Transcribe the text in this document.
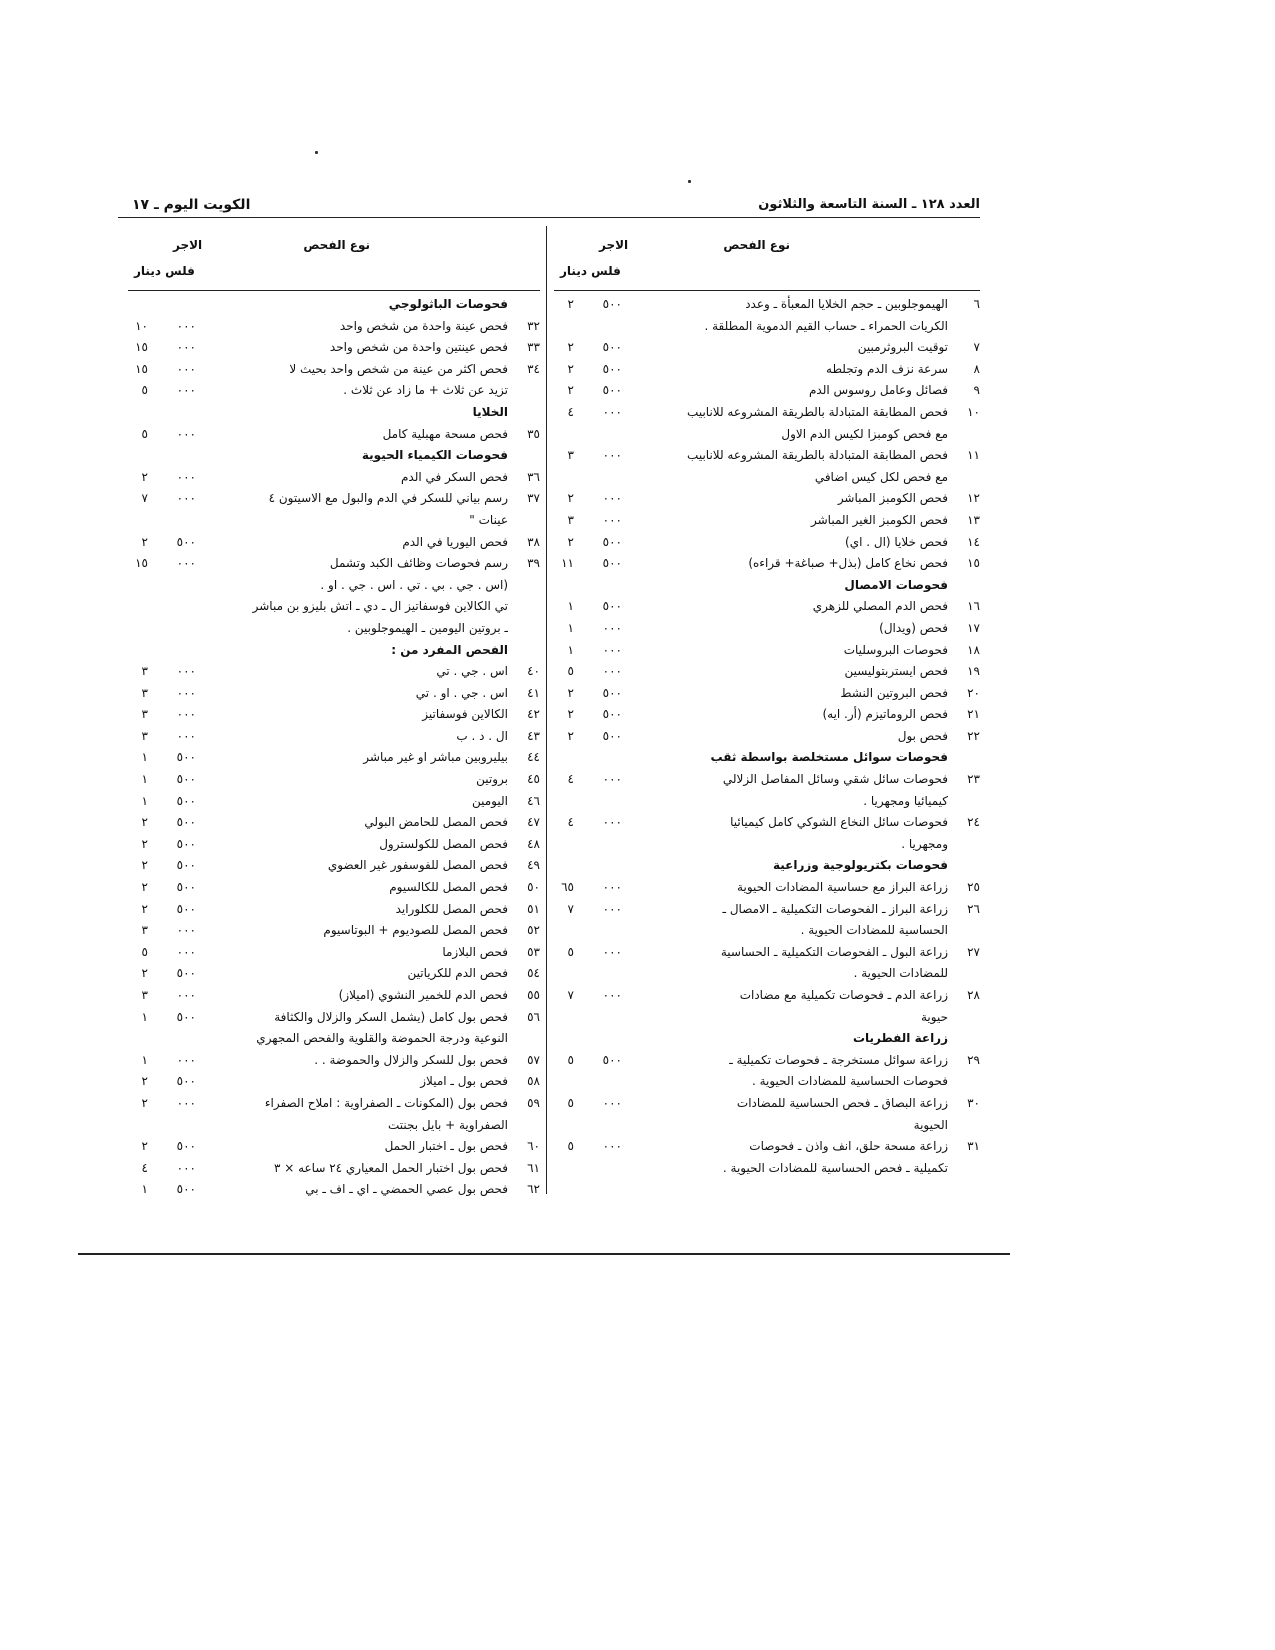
الكويت اليوم ـ ١٧	العدد ١٢٨ ـ السنة التاسعة والثلاثون
نوع الفحص
الاجر
فلس دينار
٦
الهيموجلوبين ـ حجم الخلايا المعبأة ـ وعدد
٥٠٠
٢
الكريات الحمراء ـ حساب القيم الدموية المطلقة .
٧
توقيت البروثرمبين
٥٠٠
٢
٨
سرعة نزف الدم وتجلطه
٥٠٠
٢
٩
فصائل وعامل روسوس الدم
٥٠٠
٢
١٠
فحص المطابقة المتبادلة بالطريقة المشروعه للانابيب
٠٠٠
٤
مع فحص كومبزا لكيس الدم الاول
١١
فحص المطابقة المتبادلة بالطريقة المشروعه للانابيب
٠٠٠
٣
مع فحص لكل كيس اضافي
١٢
فحص الكومبز المباشر
٠٠٠
٢
١٣
فحص الكومبز الغير المباشر
٠٠٠
٣
١٤
فحص خلايا (ال . اي)
٥٠٠
٢
١٥
فحص نخاع كامل (بذل+ صباغة+ قراءه)
٥٠٠
١١
فحوصات الامصال
١٦
فحص الدم المصلي للزهري
٥٠٠
١
١٧
فحص (ويدال)
٠٠٠
١
١٨
فحوصات البروسليات
٠٠٠
١
١٩
فحص ايستربتوليسين
٠٠٠
٥
٢٠
فحص البروتين النشط
٥٠٠
٢
٢١
فحص الروماتيزم (أر. ايه)
٥٠٠
٢
٢٢
فحص بول
٥٠٠
٢
فحوصات سوائل مستخلصة بواسطة ثقب
٢٣
فحوصات سائل شقي وسائل المفاصل الزلالي
٠٠٠
٤
كيميائيا ومجهريا .
٢٤
فحوصات سائل النخاع الشوكي كامل كيميائيا
٠٠٠
٤
ومجهريا .
فحوصات بكتريولوجية وزراعية
٢٥
زراعة البراز مع حساسية المضادات الحيوية
٠٠٠
٦٥
٢٦
زراعة البراز ـ الفحوصات التكميلية ـ الامصال ـ
٠٠٠
٧
الحساسية للمضادات الحيوية .
٢٧
زراعة البول ـ الفحوصات التكميلية ـ الحساسية
٠٠٠
٥
للمضادات الحيوية .
٢٨
زراعة الدم ـ فحوصات تكميلية مع مضادات
٠٠٠
٧
حيوية
زراعة الفطريات
٢٩
زراعة سوائل مستخرجة ـ فحوصات تكميلية ـ
٥٠٠
٥
فحوصات الحساسية للمضادات الحيوية .
٣٠
زراعة البصاق ـ فحص الحساسية للمضادات
٠٠٠
٥
الحيوية
٣١
زراعة مسحة حلق، انف واذن ـ فحوصات
٠٠٠
٥
تكميلية ـ فحص الحساسية للمضادات الحيوية .
نوع الفحص
الاجر
فلس دينار
فحوصات الباثولوجي
٣٢
فحص عينة واحدة من شخص واحد
٠٠٠
١٠
٣٣
فحص عينتين واحدة من شخص واحد
٠٠٠
١٥
٣٤
فحص اكثر من عينة من شخص واحد بحيث لا
٠٠٠
١٥
تزيد عن ثلاث + ما زاد عن ثلاث .
٠٠٠
٥
الخلايا
٣٥
فحص مسحة مهبلية كامل
٠٠٠
٥
فحوصات الكيمياء الحيوية
٣٦
فحص السكر في الدم
٠٠٠
٢
٣٧
رسم بياني للسكر في الدم والبول مع الاسيتون ٤
٠٠٠
٧
عينات "
٣٨
فحص اليوريا في الدم
٥٠٠
٢
٣٩
رسم فحوصات وظائف الكبد وتشمل
٠٠٠
١٥
(اس . جي . بي . تي . اس . جي . او .
تي الكالاين فوسفاتيز ال ـ دي ـ اتش بليزو بن مباشر
ـ بروتين اليومين ـ الهيموجلوبين .
الفحص المفرد من :
٤٠
اس . جي . تي
٠٠٠
٣
٤١
اس . جي . او . تي
٠٠٠
٣
٤٢
الكالاين فوسفاتيز
٠٠٠
٣
٤٣
ال . د . ب
٠٠٠
٣
٤٤
بيليروبين مباشر او غير مباشر
٥٠٠
١
٤٥
بروتين
٥٠٠
١
٤٦
اليومين
٥٠٠
١
٤٧
فحص المصل للحامض البولي
٥٠٠
٢
٤٨
فحص المصل للكولسترول
٥٠٠
٢
٤٩
فحص المصل للفوسفور غير العضوي
٥٠٠
٢
٥٠
فحص المصل للكالسيوم
٥٠٠
٢
٥١
فحص المصل للكلورايد
٥٠٠
٢
٥٢
فحص المصل للصوديوم + البوتاسيوم
٠٠٠
٣
٥٣
فحص البلازما
٠٠٠
٥
٥٤
فحص الدم للكرياتين
٥٠٠
٢
٥٥
فحص الدم للخمير النشوي (اميلاز)
٠٠٠
٣
٥٦
فحص بول كامل (يشمل السكر والزلال والكثافة
٥٠٠
١
النوعية ودرجة الحموضة والقلوية والفحص المجهري
٥٧
فحص بول للسكر والزلال والحموضة . .
٠٠٠
١
٥٨
فحص بول ـ اميلاز
٥٠٠
٢
٥٩
فحص بول (المكونات ـ الصفراوية : املاح الصفراء
٠٠٠
٢
الصفراوية + بايل بجنتت
٦٠
فحص بول ـ اختبار الحمل
٥٠٠
٢
٦١
فحص بول اختبار الحمل المعياري ٢٤ ساعه × ٣
٠٠٠
٤
٦٢
فحص بول عصي الحمضي ـ اي ـ اف ـ بي
٥٠٠
١
